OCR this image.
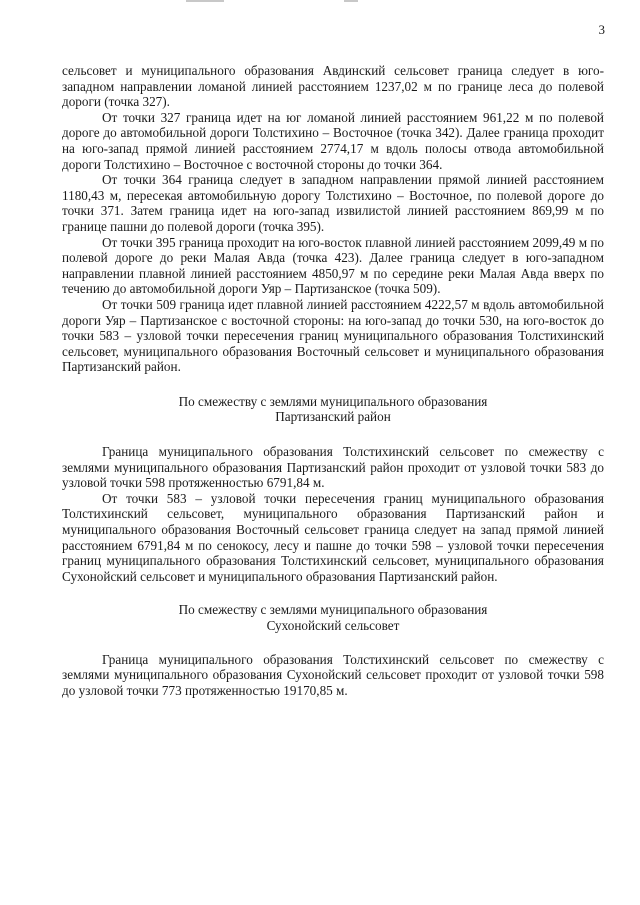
3

сельсовет и муниципального образования Авдинский сельсовет граница следует в юго-западном направлении ломаной линией расстоянием 1237,02 м по границе леса до полевой дороги (точка 327).

От точки 327 граница идет на юг ломаной линией расстоянием 961,22 м по полевой дороге до автомобильной дороги Толстихино – Восточное (точка 342). Далее граница проходит на юго-запад прямой линией расстоянием 2774,17 м вдоль полосы отвода автомобильной дороги Толстихино – Восточное с восточной стороны до точки 364.

От точки 364 граница следует в западном направлении прямой линией расстоянием 1180,43 м, пересекая автомобильную дорогу Толстихино – Восточное, по полевой дороге до точки 371. Затем граница идет на юго-запад извилистой линией расстоянием 869,99 м по границе пашни до полевой дороги (точка 395).

От точки 395 граница проходит на юго-восток плавной линией расстоянием 2099,49 м по полевой дороге до реки Малая Авда (точка 423). Далее граница следует в юго-западном направлении плавной линией расстоянием 4850,97 м по середине реки Малая Авда вверх по течению до автомобильной дороги Уяр – Партизанское (точка 509).

От точки 509 граница идет плавной линией расстоянием 4222,57 м вдоль автомобильной дороги Уяр – Партизанское с восточной стороны: на юго-запад до точки 530, на юго-восток до точки 583 – узловой точки пересечения границ муниципального образования Толстихинский сельсовет, муниципального образования Восточный сельсовет и муниципального образования Партизанский район.

По смежеству с землями муниципального образования

Партизанский район

Граница муниципального образования Толстихинский сельсовет по смежеству с землями муниципального образования Партизанский район проходит от узловой точки 583 до узловой точки 598 протяженностью 6791,84 м.

От точки 583 – узловой точки пересечения границ муниципального образования Толстихинский сельсовет, муниципального образования Партизанский район и муниципального образования Восточный сельсовет граница следует на запад прямой линией расстоянием 6791,84 м по сенокосу, лесу и пашне до точки 598 – узловой точки пересечения границ муниципального образования Толстихинский сельсовет, муниципального образования Сухонойский сельсовет и муниципального образования Партизанский район.

По смежеству с землями муниципального образования

Сухонойский сельсовет

Граница муниципального образования Толстихинский сельсовет по смежеству с землями муниципального образования Сухонойский сельсовет проходит от узловой точки 598 до узловой точки 773 протяженностью 19170,85 м.
